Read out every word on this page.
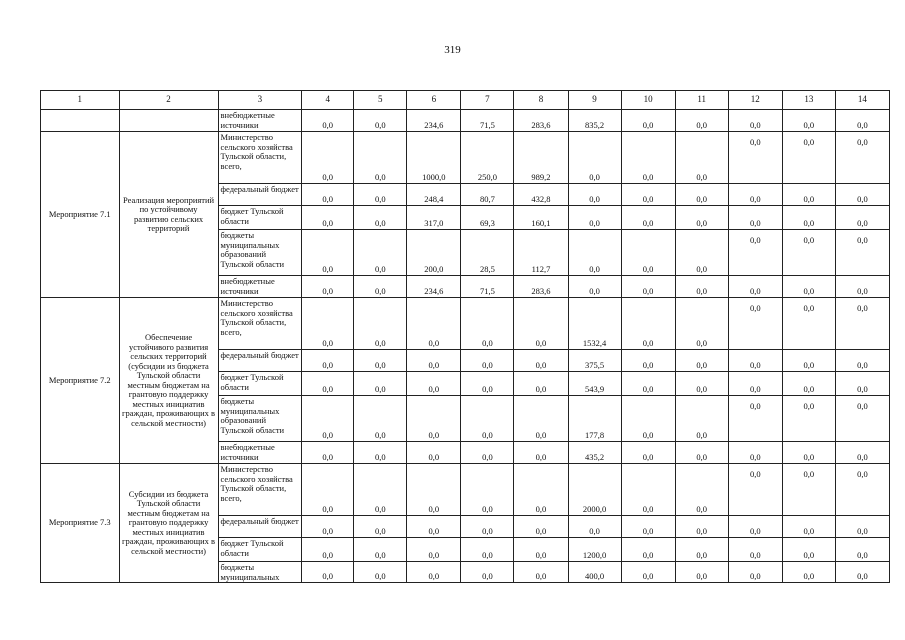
319
1	2	3	4	5	6	7	8	9	10	11	12	13	14
		внебюджетные источники	0,0	0,0	234,6	71,5	283,6	835,2	0,0	0,0	0,0	0,0	0,0
Мероприятие 7.1	Реализация мероприятий по устойчивому развитию сельских территорий	Министерство сельского хозяйства Тульской области, всего,	0,0	0,0	1000,0	250,0	989,2	0,0	0,0	0,0	0,0	0,0	0,0
		федеральный бюджет	0,0	0,0	248,4	80,7	432,8	0,0	0,0	0,0	0,0	0,0	0,0
		бюджет Тульской области	0,0	0,0	317,0	69,3	160,1	0,0	0,0	0,0	0,0	0,0	0,0
		бюджеты муниципальных образований Тульской области	0,0	0,0	200,0	28,5	112,7	0,0	0,0	0,0	0,0	0,0	0,0
		внебюджетные источники	0,0	0,0	234,6	71,5	283,6	0,0	0,0	0,0	0,0	0,0	0,0
Мероприятие 7.2	Обеспечение устойчивого развития сельских территорий (субсидии из бюджета Тульской области местным бюджетам на грантовую поддержку местных инициатив граждан, проживающих в сельской местности)	Министерство сельского хозяйства Тульской области, всего,	0,0	0,0	0,0	0,0	0,0	1532,4	0,0	0,0	0,0	0,0	0,0
		федеральный бюджет	0,0	0,0	0,0	0,0	0,0	375,5	0,0	0,0	0,0	0,0	0,0
		бюджет Тульской области	0,0	0,0	0,0	0,0	0,0	543,9	0,0	0,0	0,0	0,0	0,0
		бюджеты муниципальных образований Тульской области	0,0	0,0	0,0	0,0	0,0	177,8	0,0	0,0	0,0	0,0	0,0
		внебюджетные источники	0,0	0,0	0,0	0,0	0,0	435,2	0,0	0,0	0,0	0,0	0,0
Мероприятие 7.3	Субсидии из бюджета Тульской области местным бюджетам на грантовую поддержку местных инициатив граждан, проживающих в сельской местности)	Министерство сельского хозяйства Тульской области, всего,	0,0	0,0	0,0	0,0	0,0	2000,0	0,0	0,0	0,0	0,0	0,0
		федеральный бюджет	0,0	0,0	0,0	0,0	0,0	0,0	0,0	0,0	0,0	0,0	0,0
		бюджет Тульской области	0,0	0,0	0,0	0,0	0,0	1200,0	0,0	0,0	0,0	0,0	0,0
		бюджеты муниципальных	0,0	0,0	0,0	0,0	0,0	400,0	0,0	0,0	0,0	0,0	0,0
